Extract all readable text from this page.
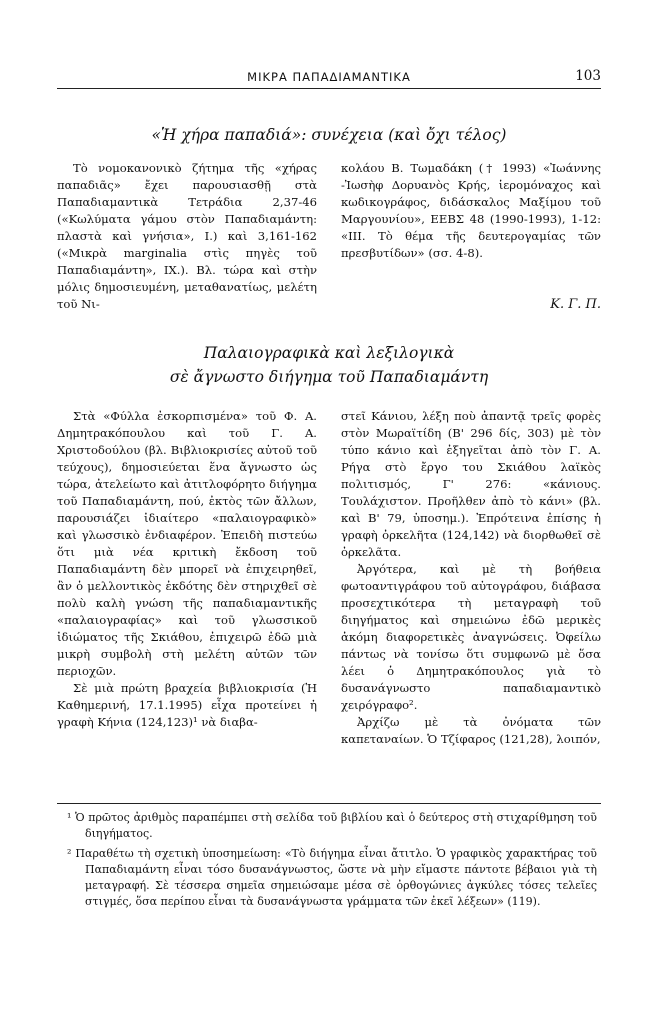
ΜΙΚΡΑ ΠΑΠΑΔΙΑΜΑΝΤΙΚΑ	103
«Ἡ χήρα παπαδιά»: συνέχεια (καὶ ὄχι τέλος)

Τὸ νομοκανονικὸ ζήτημα τῆς «χήρας παπαδιᾶς» ἔχει παρουσιασθῇ στὰ Παπαδιαμαντικὰ Τετράδια 2,37-46 («Κωλύματα γάμου στὸν Παπαδιαμάντη: πλαστὰ καὶ γνήσια», Ι.) καὶ 3,161-162 («Μικρὰ marginalia στὶς πηγὲς τοῦ Παπαδιαμάντη», ΙΧ.). Βλ. τώρα καὶ στὴν μόλις δημοσιευμένη, μεταθανατίως, μελέτη τοῦ Νι-

κολάου Β. Τωμαδάκη († 1993) «Ἰωάννης -Ἰωσὴφ Δορυανὸς Κρής, ἱερομόναχος καὶ κωδικογράφος, διδάσκαλος Μαξίμου τοῦ Μαργουνίου», ΕΕΒΣ 48 (1990-1993), 1-12: «ΙΙΙ. Τὸ θέμα τῆς δευτερογαμίας τῶν πρεσβυτίδων» (σσ. 4-8).

Κ. Γ. Π.
Παλαιογραφικὰ καὶ λεξιλογικὰ
σὲ ἄγνωστο διήγημα τοῦ Παπαδιαμάντη

Στὰ «Φύλλα ἐσκορπισμένα» τοῦ Φ. Α. Δημητρακόπουλου καὶ τοῦ Γ. Α. Χριστοδούλου (βλ. Βιβλιοκρισίες αὐτοῦ τοῦ τεύχους), δημοσιεύεται ἕνα ἄγνωστο ὡς τώρα, ἀτελείωτο καὶ ἀτιτλοφόρητο διήγημα τοῦ Παπαδιαμάντη, πού, ἐκτὸς τῶν ἄλλων, παρουσιάζει ἰδιαίτερο «παλαιογραφικὸ» καὶ γλωσσικὸ ἐνδιαφέρον. Ἐπειδὴ πιστεύω ὅτι μιὰ νέα κριτικὴ ἔκδοση τοῦ Παπαδιαμάντη δὲν μπορεῖ νὰ ἐπιχειρηθεῖ, ἂν ὁ μελλοντικὸς ἐκδότης δὲν στηριχθεῖ σὲ πολὺ καλὴ γνώση τῆς παπαδιαμαντικῆς «παλαιογραφίας» καὶ τοῦ γλωσσικοῦ ἰδιώματος τῆς Σκιάθου, ἐπιχειρῶ ἐδῶ μιὰ μικρὴ συμβολὴ στὴ μελέτη αὐτῶν τῶν περιοχῶν.

Σὲ μιὰ πρώτη βραχεία βιβλιοκρισία (Ἡ Καθημερινή, 17.1.1995) εἶχα προτείνει ἡ γραφὴ Κήνια (124,123)¹ νὰ διαβα-

στεῖ Κάνιου, λέξη ποὺ ἀπαντᾷ τρεῖς φορὲς στὸν Μωραϊτίδη (Β' 296 δίς, 303) μὲ τὸν τύπο κάνιο καὶ ἐξηγεῖται ἀπὸ τὸν Γ. Α. Ρήγα στὸ ἔργο του Σκιάθου λαϊκὸς πολιτισμός, Γ' 276: «κάνιους. Τουλάχιστον. Προῆλθεν ἀπὸ τὸ κάνι» (βλ. καὶ Β' 79, ὑποσημ.). Ἐπρότεινα ἐπίσης ἡ γραφὴ ὀρκελῆτα (124,142) νὰ διορθωθεῖ σὲ ὀρκελᾶτα.

Ἀργότερα, καὶ μὲ τὴ βοήθεια φωτοαντιγράφου τοῦ αὐτογράφου, διάβασα προσεχτικότερα τὴ μεταγραφὴ τοῦ διηγήματος καὶ σημειώνω ἐδῶ μερικὲς ἀκόμη διαφορετικὲς ἀναγνώσεις. Ὀφείλω πάντως νὰ τονίσω ὅτι συμφωνῶ μὲ ὅσα λέει ὁ Δημητρακόπουλος γιὰ τὸ δυσανάγνωστο παπαδιαμαντικὸ χειρόγραφο².

Ἀρχίζω μὲ τὰ ὀνόματα τῶν καπεταναίων. Ὁ Τζίφαρος (121,28), λοιπόν,

¹ Ὁ πρῶτος ἀριθμὸς παραπέμπει στὴ σελίδα τοῦ βιβλίου καὶ ὁ δεύτερος στὴ στιχαρίθμηση τοῦ διηγήματος.

² Παραθέτω τὴ σχετικὴ ὑποσημείωση: «Τὸ διήγημα εἶναι ἄτιτλο. Ὁ γραφικὸς χαρακτήρας τοῦ Παπαδιαμάντη εἶναι τόσο δυσανάγνωστος, ὥστε νὰ μὴν εἴμαστε πάντοτε βέβαιοι γιὰ τὴ μεταγραφή. Σὲ τέσσερα σημεῖα σημειώσαμε μέσα σὲ ὀρθογώνιες ἀγκύλες τόσες τελεῖες στιγμές, ὅσα περίπου εἶναι τὰ δυσανάγνωστα γράμματα τῶν ἐκεῖ λέξεων» (119).
